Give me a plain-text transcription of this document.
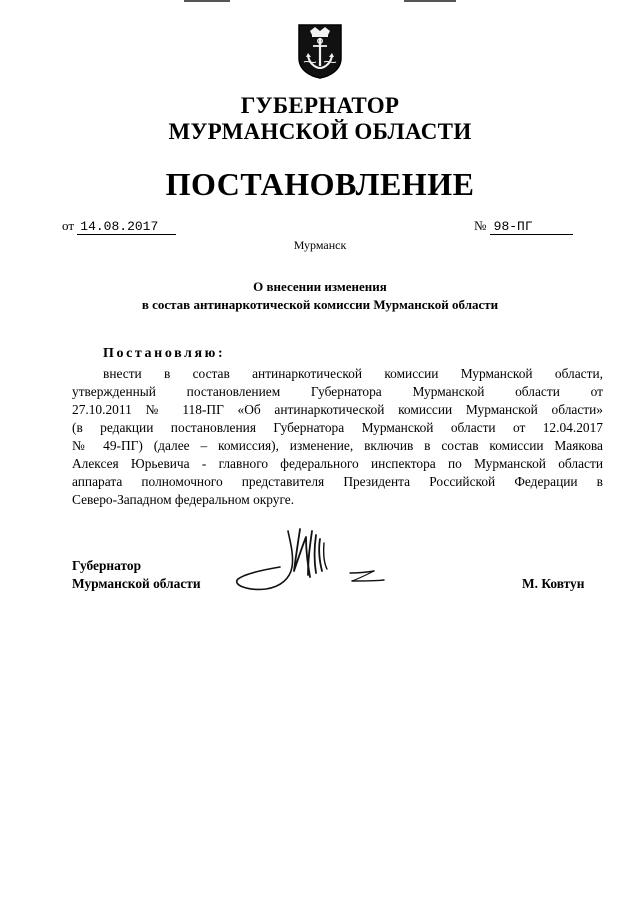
ГУБЕРНАТОР
МУРМАНСКОЙ ОБЛАСТИ
ПОСТАНОВЛЕНИЕ
от 14.08.2017	№ 98-ПГ
Мурманск
О внесении изменения
в состав антинаркотической комиссии Мурманской области
Постановляю:
внести в состав антинаркотической комиссии Мурманской области,
утвержденный постановлением Губернатора Мурманской области от
27.10.2011 № 118-ПГ «Об антинаркотической комиссии Мурманской области»
(в редакции постановления Губернатора Мурманской области от 12.04.2017
№ 49-ПГ) (далее – комиссия), изменение, включив в состав комиссии Маякова
Алексея Юрьевича - главного федерального инспектора по Мурманской области
аппарата полномочного представителя Президента Российской Федерации в
Северо-Западном федеральном округе.
Губернатор
Мурманской области	М. Ковтун
